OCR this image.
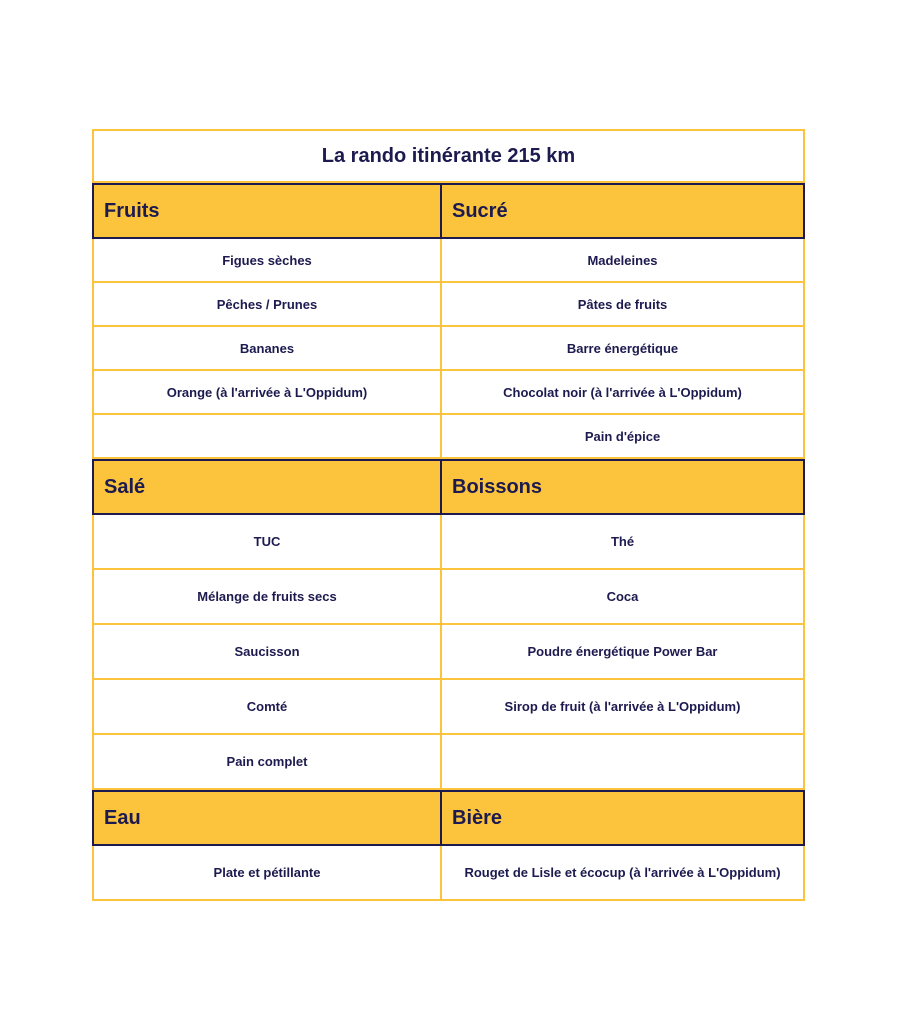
La rando itinérante 215 km
Fruits
Figues sèches
Pêches / Prunes
Bananes
Orange (à l'arrivée à L'Oppidum)
Sucré
Madeleines
Pâtes de fruits
Barre énergétique
Chocolat noir (à l'arrivée à L'Oppidum)
Pain d'épice
Salé
TUC
Mélange de fruits secs
Saucisson
Comté
Pain complet
Boissons
Thé
Coca
Poudre énergétique Power Bar
Sirop de fruit (à l'arrivée à L'Oppidum)
Eau
Plate et pétillante
Bière
Rouget de Lisle et écocup (à l'arrivée à L'Oppidum)
